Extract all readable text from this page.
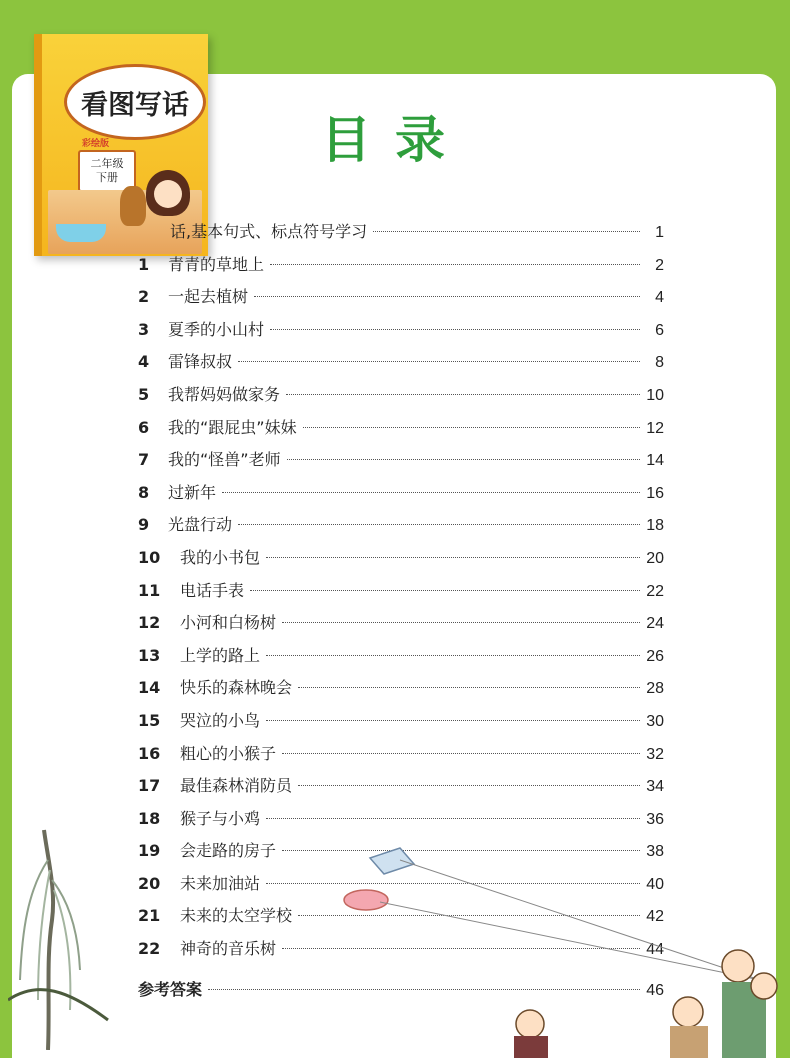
看图写话
彩绘版
二年级
下册
目录
话,基本句式、标点符号学习	1
1	青青的草地上	2
2	一起去植树	4
3	夏季的小山村	6
4	雷锋叔叔	8
5	我帮妈妈做家务	10
6	我的“跟屁虫”妹妹	12
7	我的“怪兽”老师	14
8	过新年	16
9	光盘行动	18
10	我的小书包	20
11	电话手表	22
12	小河和白杨树	24
13	上学的路上	26
14	快乐的森林晚会	28
15	哭泣的小鸟	30
16	粗心的小猴子	32
17	最佳森林消防员	34
18	猴子与小鸡	36
19	会走路的房子	38
20	未来加油站	40
21	未来的太空学校	42
22	神奇的音乐树	44
参考答案	46
